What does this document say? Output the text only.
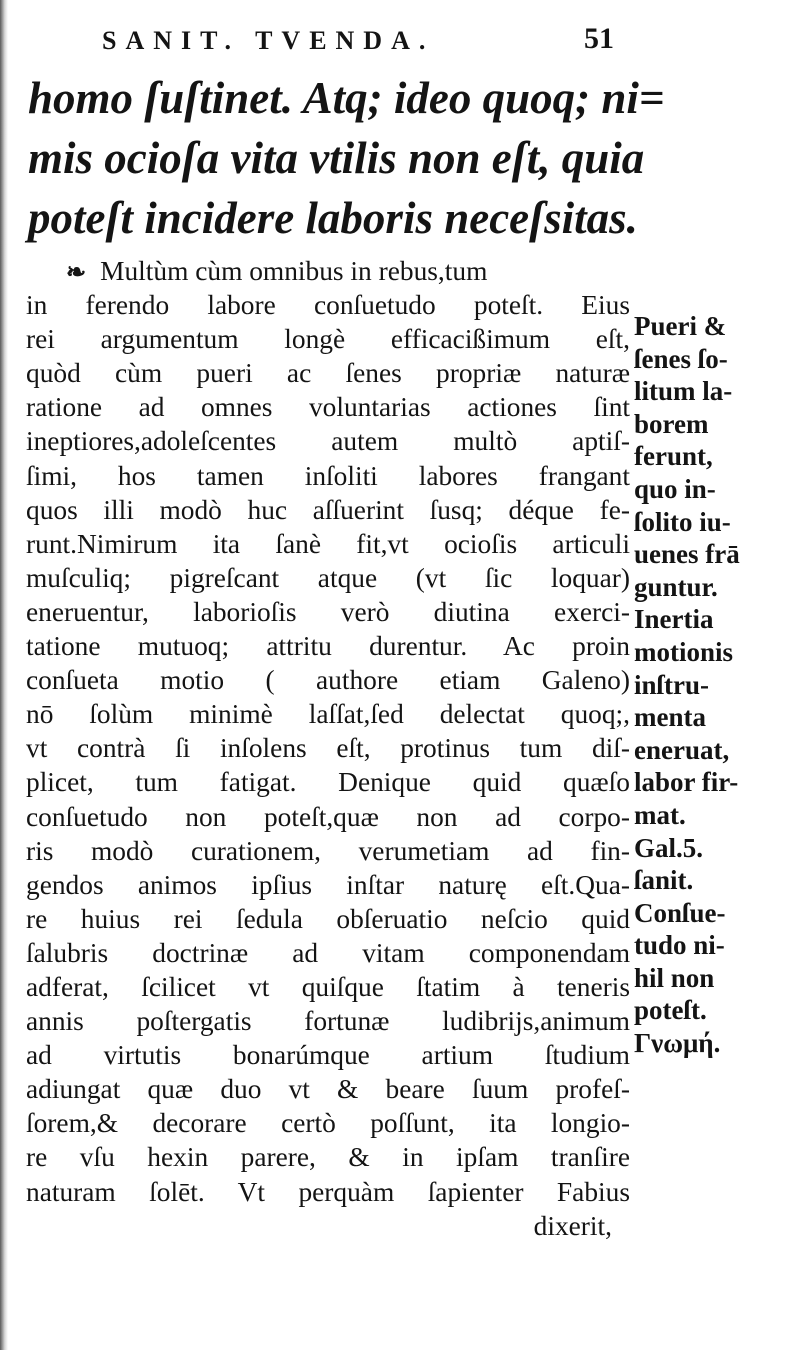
SANIT. TVENDA.	51
homo ſuſtinet. Atq; ideo quoq; ni=
mis ocioſa vita vtilis non eſt, quia
poteſt incidere laboris neceſsitas.
❧ Multùm cùm omnibus in rebus,tum
in ferendo labore conſuetudo poteſt. Eius
rei argumentum longè efficacißimum eſt,
quòd cùm pueri ac ſenes propriæ naturæ
ratione ad omnes voluntarias actiones ſint
ineptiores,adoleſcentes autem multò aptiſ-
ſimi, hos tamen inſoliti labores frangant
quos illi modò huc aſſuerint ſusq; déque fe-
runt.Nimirum ita ſanè fit,vt ocioſis articuli
muſculiq; pigreſcant atque (vt ſic loquar)
eneruentur, laborioſis verò diutina exerci-
tatione mutuoq; attritu durentur. Ac proin
conſueta motio ( authore etiam Galeno)
nō ſolùm minimè laſſat,ſed delectat quoq;,
vt contrà ſi inſolens eſt, protinus tum diſ-
plicet, tum fatigat. Denique quid quæſo
conſuetudo non poteſt,quæ non ad corpo-
ris modò curationem, verumetiam ad fin-
gendos animos ipſius inſtar naturę eſt.Qua-
re huius rei ſedula obſeruatio neſcio quid
ſalubris doctrinæ ad vitam componendam
adferat, ſcilicet vt quiſque ſtatim à teneris
annis poſtergatis fortunæ ludibrijs,animum
ad virtutis bonarúmque artium ſtudium
adiungat quæ duo vt & beare ſuum profeſ-
ſorem,& decorare certò poſſunt, ita longio-
re vſu hexin parere, & in ipſam tranſire
naturam ſolēt. Vt perquàm ſapienter Fabius
dixerit,
Pueri &
ſenes ſo-
litum la-
borem
ferunt,
quo in-
ſolito iu-
uenes frā
guntur.
Inertia
motionis
inſtru-
menta
eneruat,
labor fir-
mat.
Gal.5.
ſanit.
Conſue-
tudo ni-
hil non
poteſt.
Γνωμή.
